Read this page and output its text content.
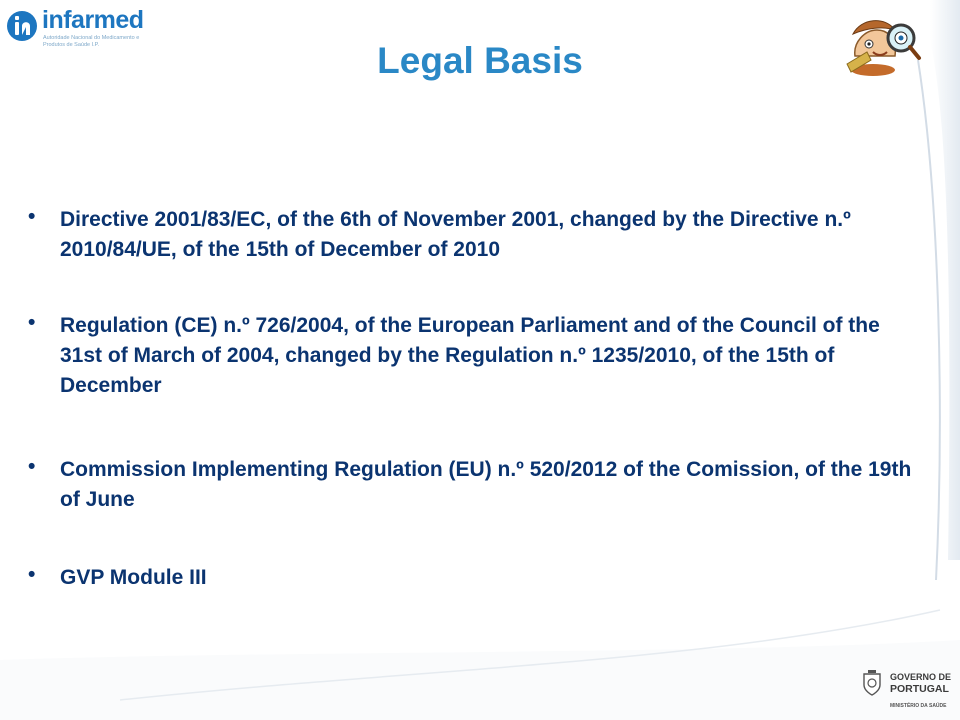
infarmed
Autoridade Nacional do Medicamento e Produtos de Saúde I.P.	Legal Basis
• Directive 2001/83/EC, of the 6th of November 2001, changed by the Directive n.º 2010/84/UE, of the 15th of December of 2010
• Regulation (CE) n.º 726/2004, of the European Parliament and of the Council of the 31st of March of 2004, changed by the Regulation n.º 1235/2010, of the 15th of December
• Commission Implementing Regulation (EU) n.º 520/2012 of the Comission, of the 19th of June
• GVP Module III
GOVERNO DE
PORTUGAL
MINISTÉRIO DA SAÚDE
